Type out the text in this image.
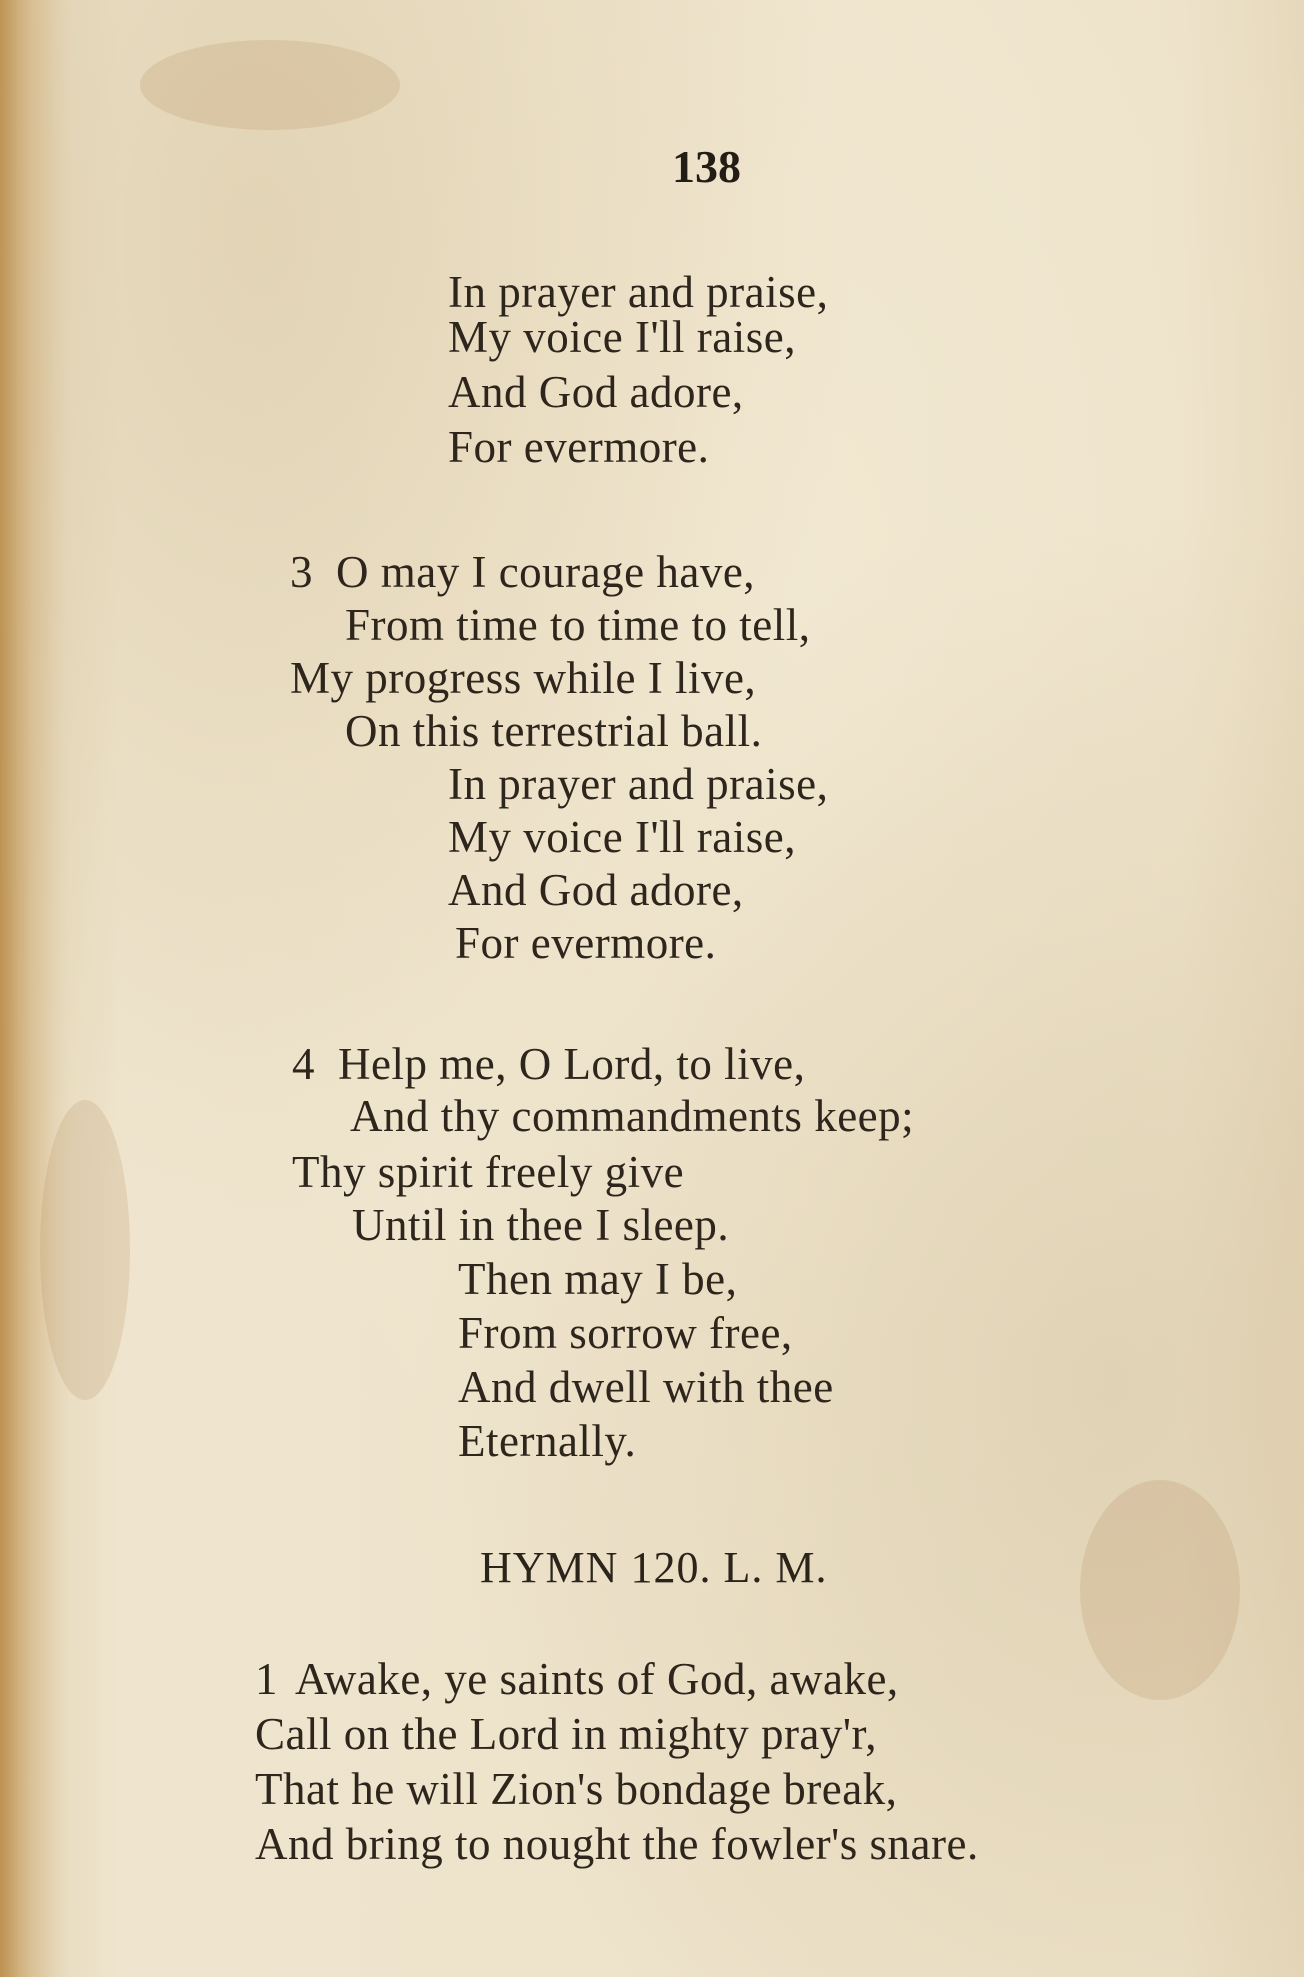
138
In prayer and praise,
My voice I'll raise,
And God adore,
For evermore.
3 O may I courage have,
From time to time to tell,
My progress while I live,
On this terrestrial ball.
In prayer and praise,
My voice I'll raise,
And God adore,
For evermore.
4 Help me, O Lord, to live,
And thy commandments keep;
Thy spirit freely give
Until in thee I sleep.
Then may I be,
From sorrow free,
And dwell with thee
Eternally.
HYMN 120. L. M.
1 Awake, ye saints of God, awake,
Call on the Lord in mighty pray'r,
That he will Zion's bondage break,
And bring to nought the fowler's snare.
